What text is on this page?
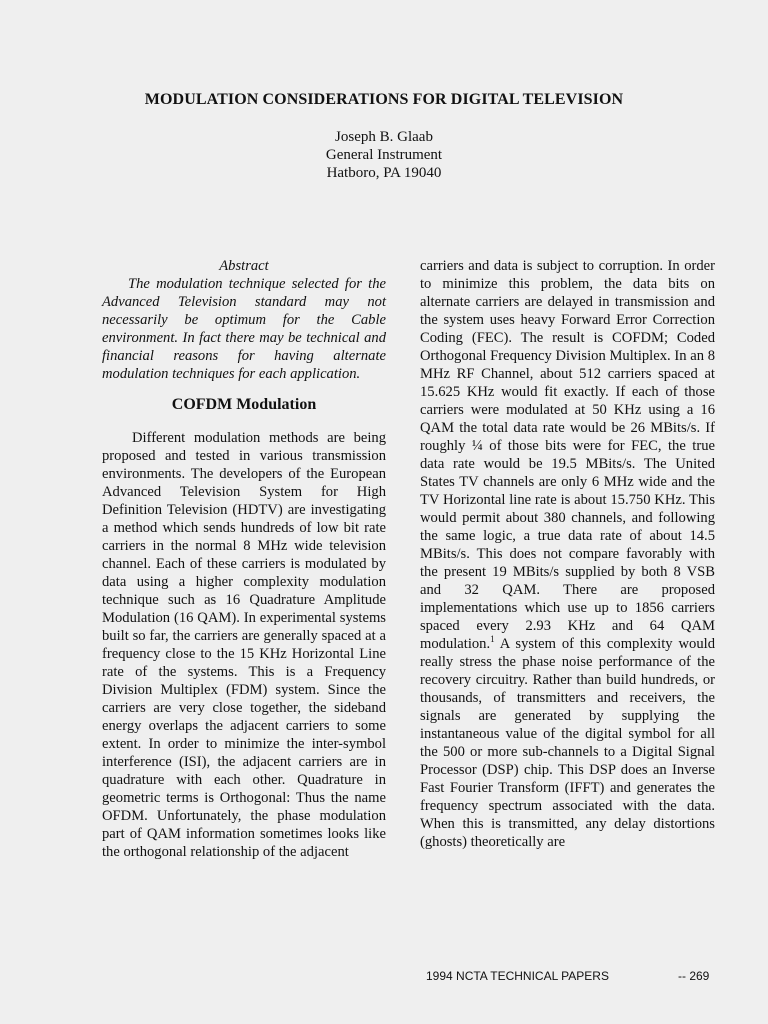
MODULATION CONSIDERATIONS FOR DIGITAL TELEVISION
Joseph B. Glaab
General Instrument
Hatboro, PA 19040

Abstract

The modulation technique selected for the Advanced Television standard may not necessarily be optimum for the Cable environment. In fact there may be technical and financial reasons for having alternate modulation techniques for each application.

COFDM Modulation

Different modulation methods are being proposed and tested in various transmission environments. The developers of the European Advanced Television System for High Definition Television (HDTV) are investigating a method which sends hundreds of low bit rate carriers in the normal 8 MHz wide television channel. Each of these carriers is modulated by data using a higher complexity modulation technique such as 16 Quadrature Amplitude Modulation (16 QAM). In experimental systems built so far, the carriers are generally spaced at a frequency close to the 15 KHz Horizontal Line rate of the systems. This is a Frequency Division Multiplex (FDM) system. Since the carriers are very close together, the sideband energy overlaps the adjacent carriers to some extent. In order to minimize the inter-symbol interference (ISI), the adjacent carriers are in quadrature with each other. Quadrature in geometric terms is Orthogonal: Thus the name OFDM. Unfortunately, the phase modulation part of QAM information sometimes looks like the orthogonal relationship of the adjacent

carriers and data is subject to corruption. In order to minimize this problem, the data bits on alternate carriers are delayed in transmission and the system uses heavy Forward Error Correction Coding (FEC). The result is COFDM; Coded Orthogonal Frequency Division Multiplex. In an 8 MHz RF Channel, about 512 carriers spaced at 15.625 KHz would fit exactly. If each of those carriers were modulated at 50 KHz using a 16 QAM the total data rate would be 26 MBits/s. If roughly ¼ of those bits were for FEC, the true data rate would be 19.5 MBits/s. The United States TV channels are only 6 MHz wide and the TV Horizontal line rate is about 15.750 KHz. This would permit about 380 channels, and following the same logic, a true data rate of about 14.5 MBits/s. This does not compare favorably with the present 19 MBits/s supplied by both 8 VSB and 32 QAM. There are proposed implementations which use up to 1856 carriers spaced every 2.93 KHz and 64 QAM modulation.$^1$ A system of this complexity would really stress the phase noise performance of the recovery circuitry. Rather than build hundreds, or thousands, of transmitters and receivers, the signals are generated by supplying the instantaneous value of the digital symbol for all the 500 or more sub-channels to a Digital Signal Processor (DSP) chip. This DSP does an Inverse Fast Fourier Transform (IFFT) and generates the frequency spectrum associated with the data. When this is transmitted, any delay distortions (ghosts) theoretically are

1994 NCTA TECHNICAL PAPERS	-- 269
